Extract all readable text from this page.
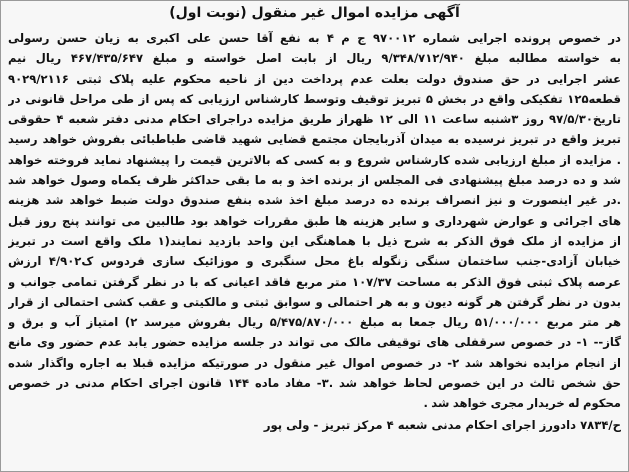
آگهی مزایده اموال غیر منقول (نوبت اول)
در خصوص پرونده اجرایی شماره ۹۷۰۰۱۲ ج م ۴ به نفع آقا حسن علی اکبری به زیان حسن رسولی
به خواسته مطالبه مبلغ ۹/۳۴۸/۷۱۲/۹۴۰ ریال از بابت اصل خواسته و مبلغ ۴۶۷/۴۳۵/۶۴۷ ریال نیم
عشر اجرایی در حق صندوق دولت بعلت عدم پرداخت دین از ناحیه محکوم علیه پلاک ثبتی ۹۰۲۹/۲۱۱۶
قطعه۱۲۵ تفکیکی واقع در بخش ۵ تبریز توقیف وتوسط کارشناس ارزیابی که پس از طی مراحل قانونی در
تاریخ۹۷/۵/۳۰ روز ۳شنبه ساعت ۱۱ الی ۱۲ ظهراز طریق مزایده دراجرای احکام مدنی دفتر شعبه ۴ حقوقی
تبریز واقع در تبریز نرسیده به میدان آذربایجان مجتمع قضایی شهید قاضی طباطبائی بفروش خواهد رسید
. مزایده از مبلغ ارزیابی شده کارشناس شروع و به کسی که بالاترین قیمت را پیشنهاد نماید فروخته خواهد
شد و ده درصد مبلغ پیشنهادی فی المجلس از برنده اخذ و به ما بقی حداکثر ظرف یکماه وصول خواهد شد
.در غیر اینصورت و نیز انصراف برنده ده درصد مبلغ اخذ شده بنفع صندوق دولت ضبط خواهد شد هزینه
های اجرائی و عوارض شهرداری و سایر هزینه ها طبق مقررات خواهد بود طالبین می توانند پنج روز قبل
از مزایده از ملک فوق الذکر به شرح ذیل با هماهنگی این واحد بازدید نمایند(۱ ملک واقع است در تبریز
خیابان آزادی-جنب ساختمان سنگی زنگوله باغ محل سنگبری و موزائیک سازی فردوس ک۴/۹۰۲ ارزش
عرصه پلاک ثبتی فوق الذکر به مساحت ۱۰۷/۳۷ متر مربع فاقد اعیانی که با در نظر گرفتن تمامی جوانب و
بدون در نظر گرفتن هر گونه دیون و به هر احتمالی و سوابق ثبتی و مالکیتی و عقب کشی احتمالی از قرار
هر متر مربع ۵۱/۰۰۰/۰۰۰ ریال جمعا به مبلغ ۵/۴۷۵/۸۷۰/۰۰۰ ریال بفروش میرسد ۲) امتیاز آب و برق و
گاز-- ۱- در خصوص سرقفلی های توقیفی مالک می تواند در جلسه مزایده حضور یابد عدم حضور وی مانع
از انجام مزایده نخواهد شد ۲- در خصوص اموال غیر منقول در صورتیکه مزایده قبلا به اجاره واگذار شده
حق شخص ثالث در این خصوص لحاظ خواهد شد .۳- مفاد ماده ۱۴۴ قانون اجرای احکام مدنی در خصوص
محکوم له خریدار مجری خواهد شد .
ح/۷۸۳۴ دادورز اجرای احکام مدنی شعبه ۴ مرکز تبریز - ولی پور
